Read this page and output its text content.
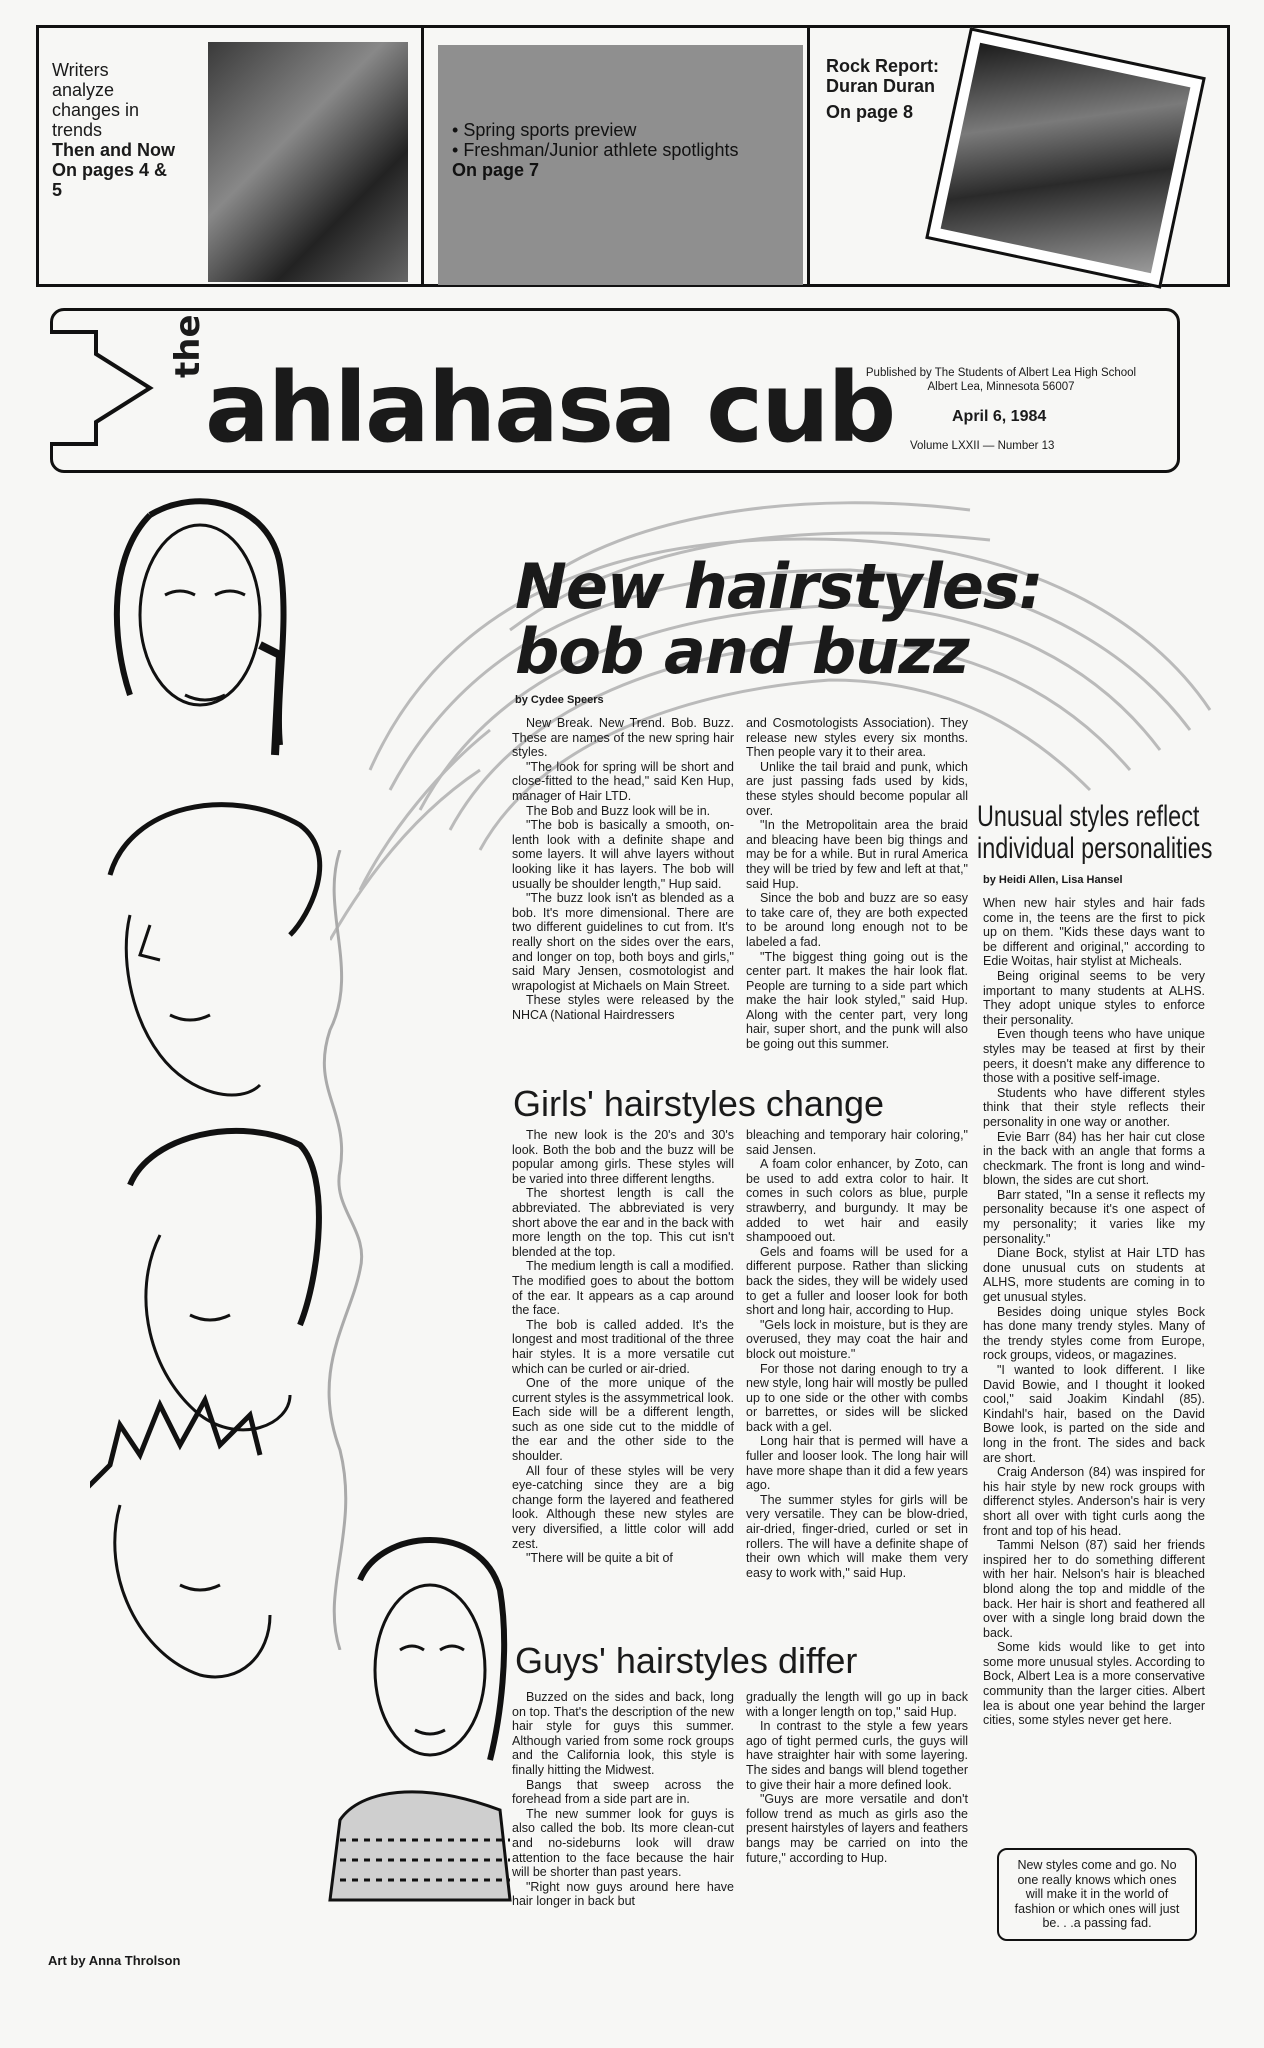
Writers
analyze
changes in
trends
Then and Now
On pages 4 & 5
• Spring sports preview
• Freshman/Junior athlete spotlights
On page 7
Rock Report:
Duran Duran
On page 8
the
ahlahasa cub
Published by The Students of Albert Lea High School
Albert Lea, Minnesota 56007
April 6, 1984
Volume LXXII — Number 13
Art by Anna Throlson
New hairstyles:
bob and buzz
by Cydee Speers

New Break. New Trend. Bob. Buzz. These are names of the new spring hair styles.

"The look for spring will be short and close-fitted to the head," said Ken Hup, manager of Hair LTD.

The Bob and Buzz look will be in.

"The bob is basically a smooth, on-lenth look with a definite shape and some layers. It will ahve layers without looking like it has layers. The bob will usually be shoulder length," Hup said.

"The buzz look isn't as blended as a bob. It's more dimensional. There are two different guidelines to cut from. It's really short on the sides over the ears, and longer on top, both boys and girls," said Mary Jensen, cosmotologist and wrapologist at Michaels on Main Street.

These styles were released by the NHCA (National Hairdressers

and Cosmotologists Association). They release new styles every six months. Then people vary it to their area.

Unlike the tail braid and punk, which are just passing fads used by kids, these styles should become popular all over.

"In the Metropolitain area the braid and bleacing have been big things and may be for a while. But in rural America they will be tried by few and left at that," said Hup.

Since the bob and buzz are so easy to take care of, they are both expected to be around long enough not to be labeled a fad.

"The biggest thing going out is the center part. It makes the hair look flat. People are turning to a side part which make the hair look styled," said Hup. Along with the center part, very long hair, super short, and the punk will also be going out this summer.

Girls' hairstyles change

The new look is the 20's and 30's look. Both the bob and the buzz will be popular among girls. These styles will be varied into three different lengths.

The shortest length is call the abbreviated. The abbreviated is very short above the ear and in the back with more length on the top. This cut isn't blended at the top.

The medium length is call a modified. The modified goes to about the bottom of the ear. It appears as a cap around the face.

The bob is called added. It's the longest and most traditional of the three hair styles. It is a more versatile cut which can be curled or air-dried.

One of the more unique of the current styles is the assymmetrical look. Each side will be a different length, such as one side cut to the middle of the ear and the other side to the shoulder.

All four of these styles will be very eye-catching since they are a big change form the layered and feathered look. Although these new styles are very diversified, a little color will add zest.

"There will be quite a bit of

bleaching and temporary hair coloring," said Jensen.

A foam color enhancer, by Zoto, can be used to add extra color to hair. It comes in such colors as blue, purple strawberry, and burgundy. It may be added to wet hair and easily shampooed out.

Gels and foams will be used for a different purpose. Rather than slicking back the sides, they will be widely used to get a fuller and looser look for both short and long hair, according to Hup.

"Gels lock in moisture, but is they are overused, they may coat the hair and block out moisture."

For those not daring enough to try a new style, long hair will mostly be pulled up to one side or the other with combs or barrettes, or sides will be slicked back with a gel.

Long hair that is permed will have a fuller and looser look. The long hair will have more shape than it did a few years ago.

The summer styles for girls will be very versatile. They can be blow-dried, air-dried, finger-dried, curled or set in rollers. The will have a definite shape of their own which will make them very easy to work with," said Hup.

Guys' hairstyles differ

Buzzed on the sides and back, long on top. That's the description of the new hair style for guys this summer. Although varied from some rock groups and the California look, this style is finally hitting the Midwest.

Bangs that sweep across the forehead from a side part are in.

The new summer look for guys is also called the bob. Its more clean-cut and no-sideburns look will draw attention to the face because the hair will be shorter than past years.

"Right now guys around here have hair longer in back but

gradually the length will go up in back with a longer length on top," said Hup.

In contrast to the style a few years ago of tight permed curls, the guys will have straighter hair with some layering. The sides and bangs will blend together to give their hair a more defined look.

"Guys are more versatile and don't follow trend as much as girls aso the present hairstyles of layers and feathers bangs may be carried on into the future," according to Hup.

Unusual styles reflect
individual personalities
by Heidi Allen, Lisa Hansel

When new hair styles and hair fads come in, the teens are the first to pick up on them. "Kids these days want to be different and original," according to Edie Woitas, hair stylist at Micheals.

Being original seems to be very important to many students at ALHS. They adopt unique styles to enforce their personality.

Even though teens who have unique styles may be teased at first by their peers, it doesn't make any difference to those with a positive self-image.

Students who have different styles think that their style reflects their personality in one way or another.

Evie Barr (84) has her hair cut close in the back with an angle that forms a checkmark. The front is long and wind-blown, the sides are cut short.

Barr stated, "In a sense it reflects my personality because it's one aspect of my personality; it varies like my personality."

Diane Bock, stylist at Hair LTD has done unusual cuts on students at ALHS, more students are coming in to get unusual styles.

Besides doing unique styles Bock has done many trendy styles. Many of the trendy styles come from Europe, rock groups, videos, or magazines.

"I wanted to look different. I like David Bowie, and I thought it looked cool," said Joakim Kindahl (85). Kindahl's hair, based on the David Bowe look, is parted on the side and long in the front. The sides and back are short.

Craig Anderson (84) was inspired for his hair style by new rock groups with differenct styles. Anderson's hair is very short all over with tight curls aong the front and top of his head.

Tammi Nelson (87) said her friends inspired her to do something different with her hair. Nelson's hair is bleached blond along the top and middle of the back. Her hair is short and feathered all over with a single long braid down the back.

Some kids would like to get into some more unusual styles. According to Bock, Albert Lea is a more conservative community than the larger cities. Albert lea is about one year behind the larger cities, some styles never get here.

New styles come and go. No one really knows which ones will make it in the world of fashion or which ones will just be. . .a passing fad.
